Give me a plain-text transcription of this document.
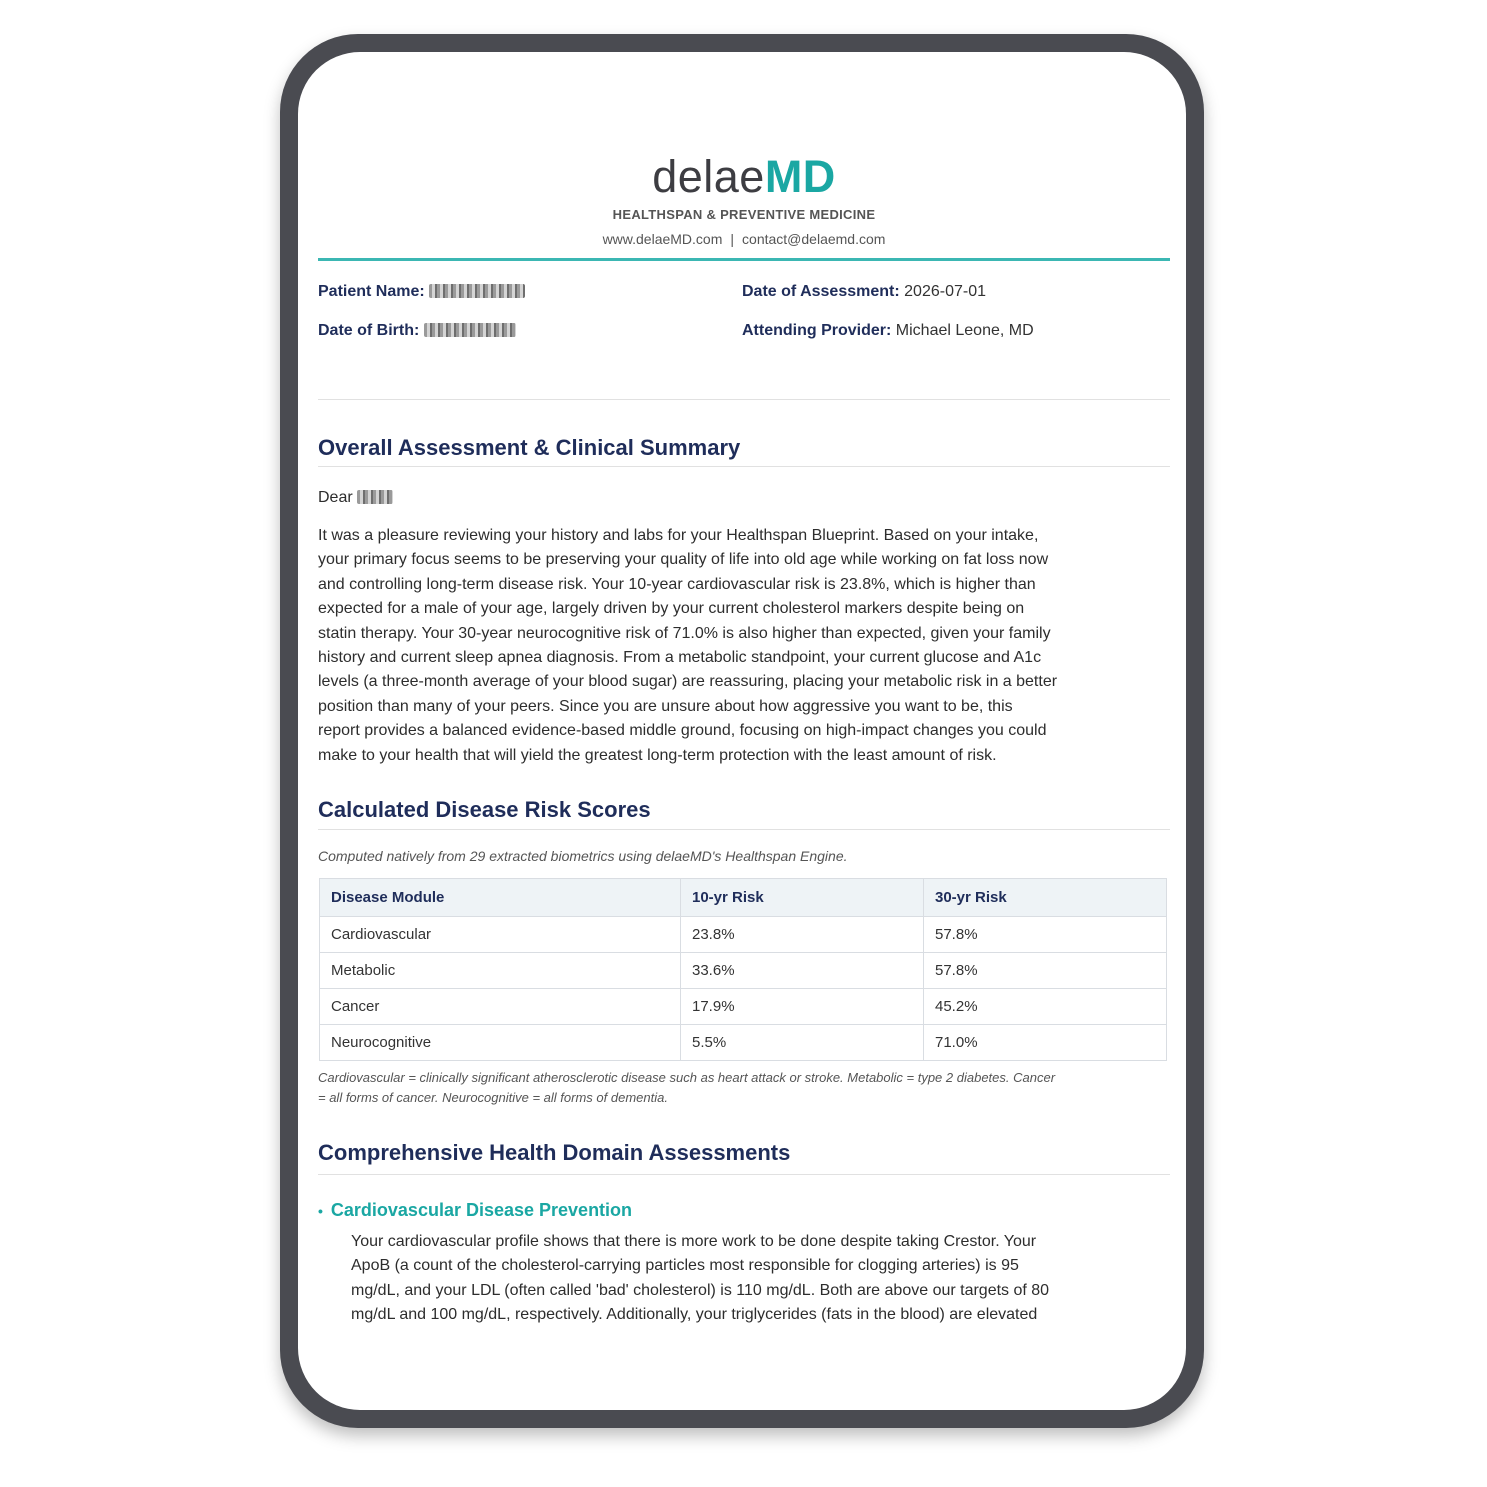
delaeMD
HEALTHSPAN & PREVENTIVE MEDICINE
www.delaeMD.com | contact@delaemd.com
Patient Name:
Date of Birth:
Date of Assessment: 2026-07-01
Attending Provider: Michael Leone, MD
Overall Assessment & Clinical Summary
Dear
It was a pleasure reviewing your history and labs for your Healthspan Blueprint. Based on your intake,
your primary focus seems to be preserving your quality of life into old age while working on fat loss now
and controlling long-term disease risk. Your 10-year cardiovascular risk is 23.8%, which is higher than
expected for a male of your age, largely driven by your current cholesterol markers despite being on
statin therapy. Your 30-year neurocognitive risk of 71.0% is also higher than expected, given your family
history and current sleep apnea diagnosis. From a metabolic standpoint, your current glucose and A1c
levels (a three-month average of your blood sugar) are reassuring, placing your metabolic risk in a better
position than many of your peers. Since you are unsure about how aggressive you want to be, this
report provides a balanced evidence-based middle ground, focusing on high-impact changes you could
make to your health that will yield the greatest long-term protection with the least amount of risk.
Calculated Disease Risk Scores
Computed natively from 29 extracted biometrics using delaeMD's Healthspan Engine.
Disease Module	10-yr Risk	30-yr Risk
Cardiovascular	23.8%	57.8%
Metabolic	33.6%	57.8%
Cancer	17.9%	45.2%
Neurocognitive	5.5%	71.0%
Cardiovascular = clinically significant atherosclerotic disease such as heart attack or stroke. Metabolic = type 2 diabetes. Cancer
= all forms of cancer. Neurocognitive = all forms of dementia.
Comprehensive Health Domain Assessments
• Cardiovascular Disease Prevention
Your cardiovascular profile shows that there is more work to be done despite taking Crestor. Your
ApoB (a count of the cholesterol-carrying particles most responsible for clogging arteries) is 95
mg/dL, and your LDL (often called 'bad' cholesterol) is 110 mg/dL. Both are above our targets of 80
mg/dL and 100 mg/dL, respectively. Additionally, your triglycerides (fats in the blood) are elevated
